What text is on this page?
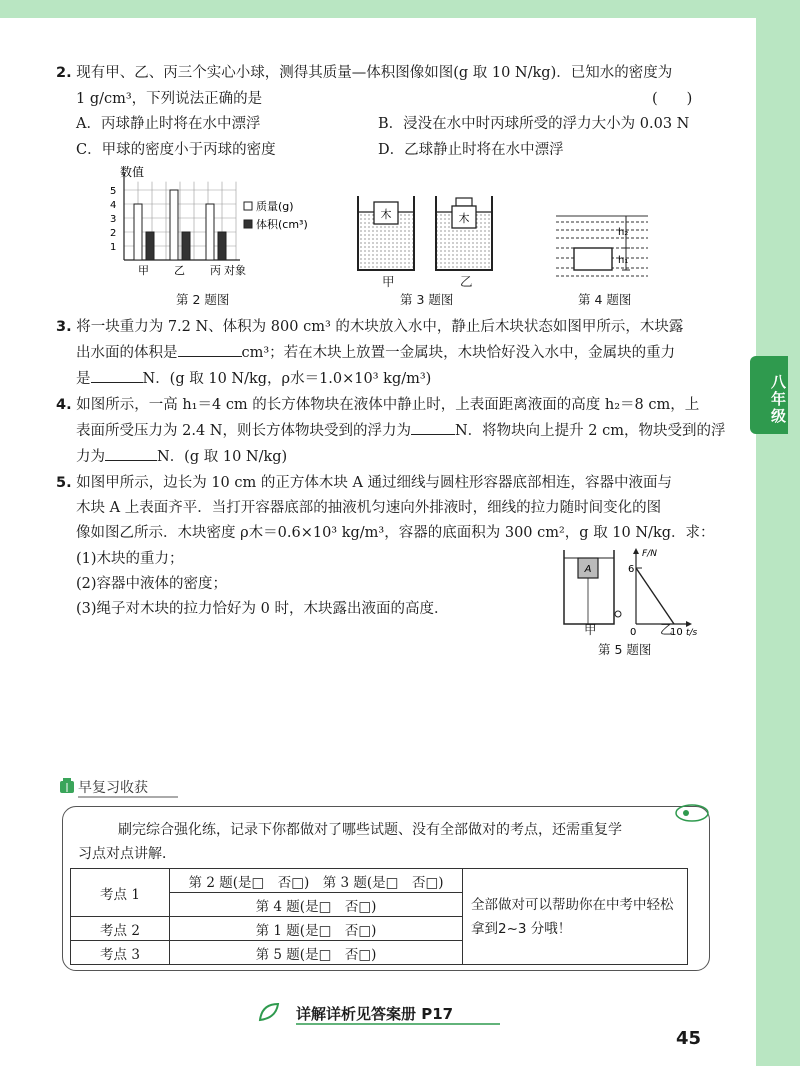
八年级
2. 现有甲、乙、丙三个实心小球，测得其质量—体积图像如图(g 取 10 N/kg)．已知水的密度为
1 g/cm³，下列说法正确的是	(　　)
A．丙球静止时将在水中漂浮	B．浸没在水中时丙球所受的浮力大小为 0.03 N
C．甲球的密度小于丙球的密度	D．乙球静止时将在水中漂浮
数值
1
2
3
4
5
甲 乙 丙 对象
质量(g)
体积(cm³)
第 2 题图
木	木
甲	乙
第 3 题图
h₂
h₁
第 4 题图
3. 将一块重力为 7.2 N、体积为 800 cm³ 的木块放入水中，静止后木块状态如图甲所示，木块露
出水面的体积是	cm³；若在木块上放置一金属块，木块恰好没入水中，金属块的重力
是	N．(g 取 10 N/kg，ρ水＝1.0×10³ kg/m³)
4. 如图所示，一高 h₁＝4 cm 的长方体物块在液体中静止时，上表面距离液面的高度 h₂＝8 cm，上
表面所受压力为 2.4 N，则长方体物块受到的浮力为	N．将物块向上提升 2 cm，物块受到的浮
力为	N．(g 取 10 N/kg)
5. 如图甲所示，边长为 10 cm 的正方体木块 A 通过细线与圆柱形容器底部相连，容器中液面与
木块 A 上表面齐平．当打开容器底部的抽液机匀速向外排液时，细线的拉力随时间变化的图
像如图乙所示．木块密度 ρ木＝0.6×10³ kg/m³，容器的底面积为 300 cm²，g 取 10 N/kg．求：
(1)木块的重力；
(2)容器中液体的密度；
(3)绳子对木块的拉力恰好为 0 时，木块露出液面的高度．
A
F/N
6
0	10 t/s
甲	乙
第 5 题图
早复习收获
刷完综合强化练，记录下你都做对了哪些试题、没有全部做对的考点，还需重复学
习点对点讲解．
考点 1	第 2 题(是□　否□)　第 3 题(是□　否□)	全部做对可以帮助你在中考中轻松拿到2~3 分哦！
	第 4 题(是□　否□)	
考点 2	第 1 题(是□　否□)	
考点 3	第 5 题(是□　否□)	
详解详析见答案册 P17
45
